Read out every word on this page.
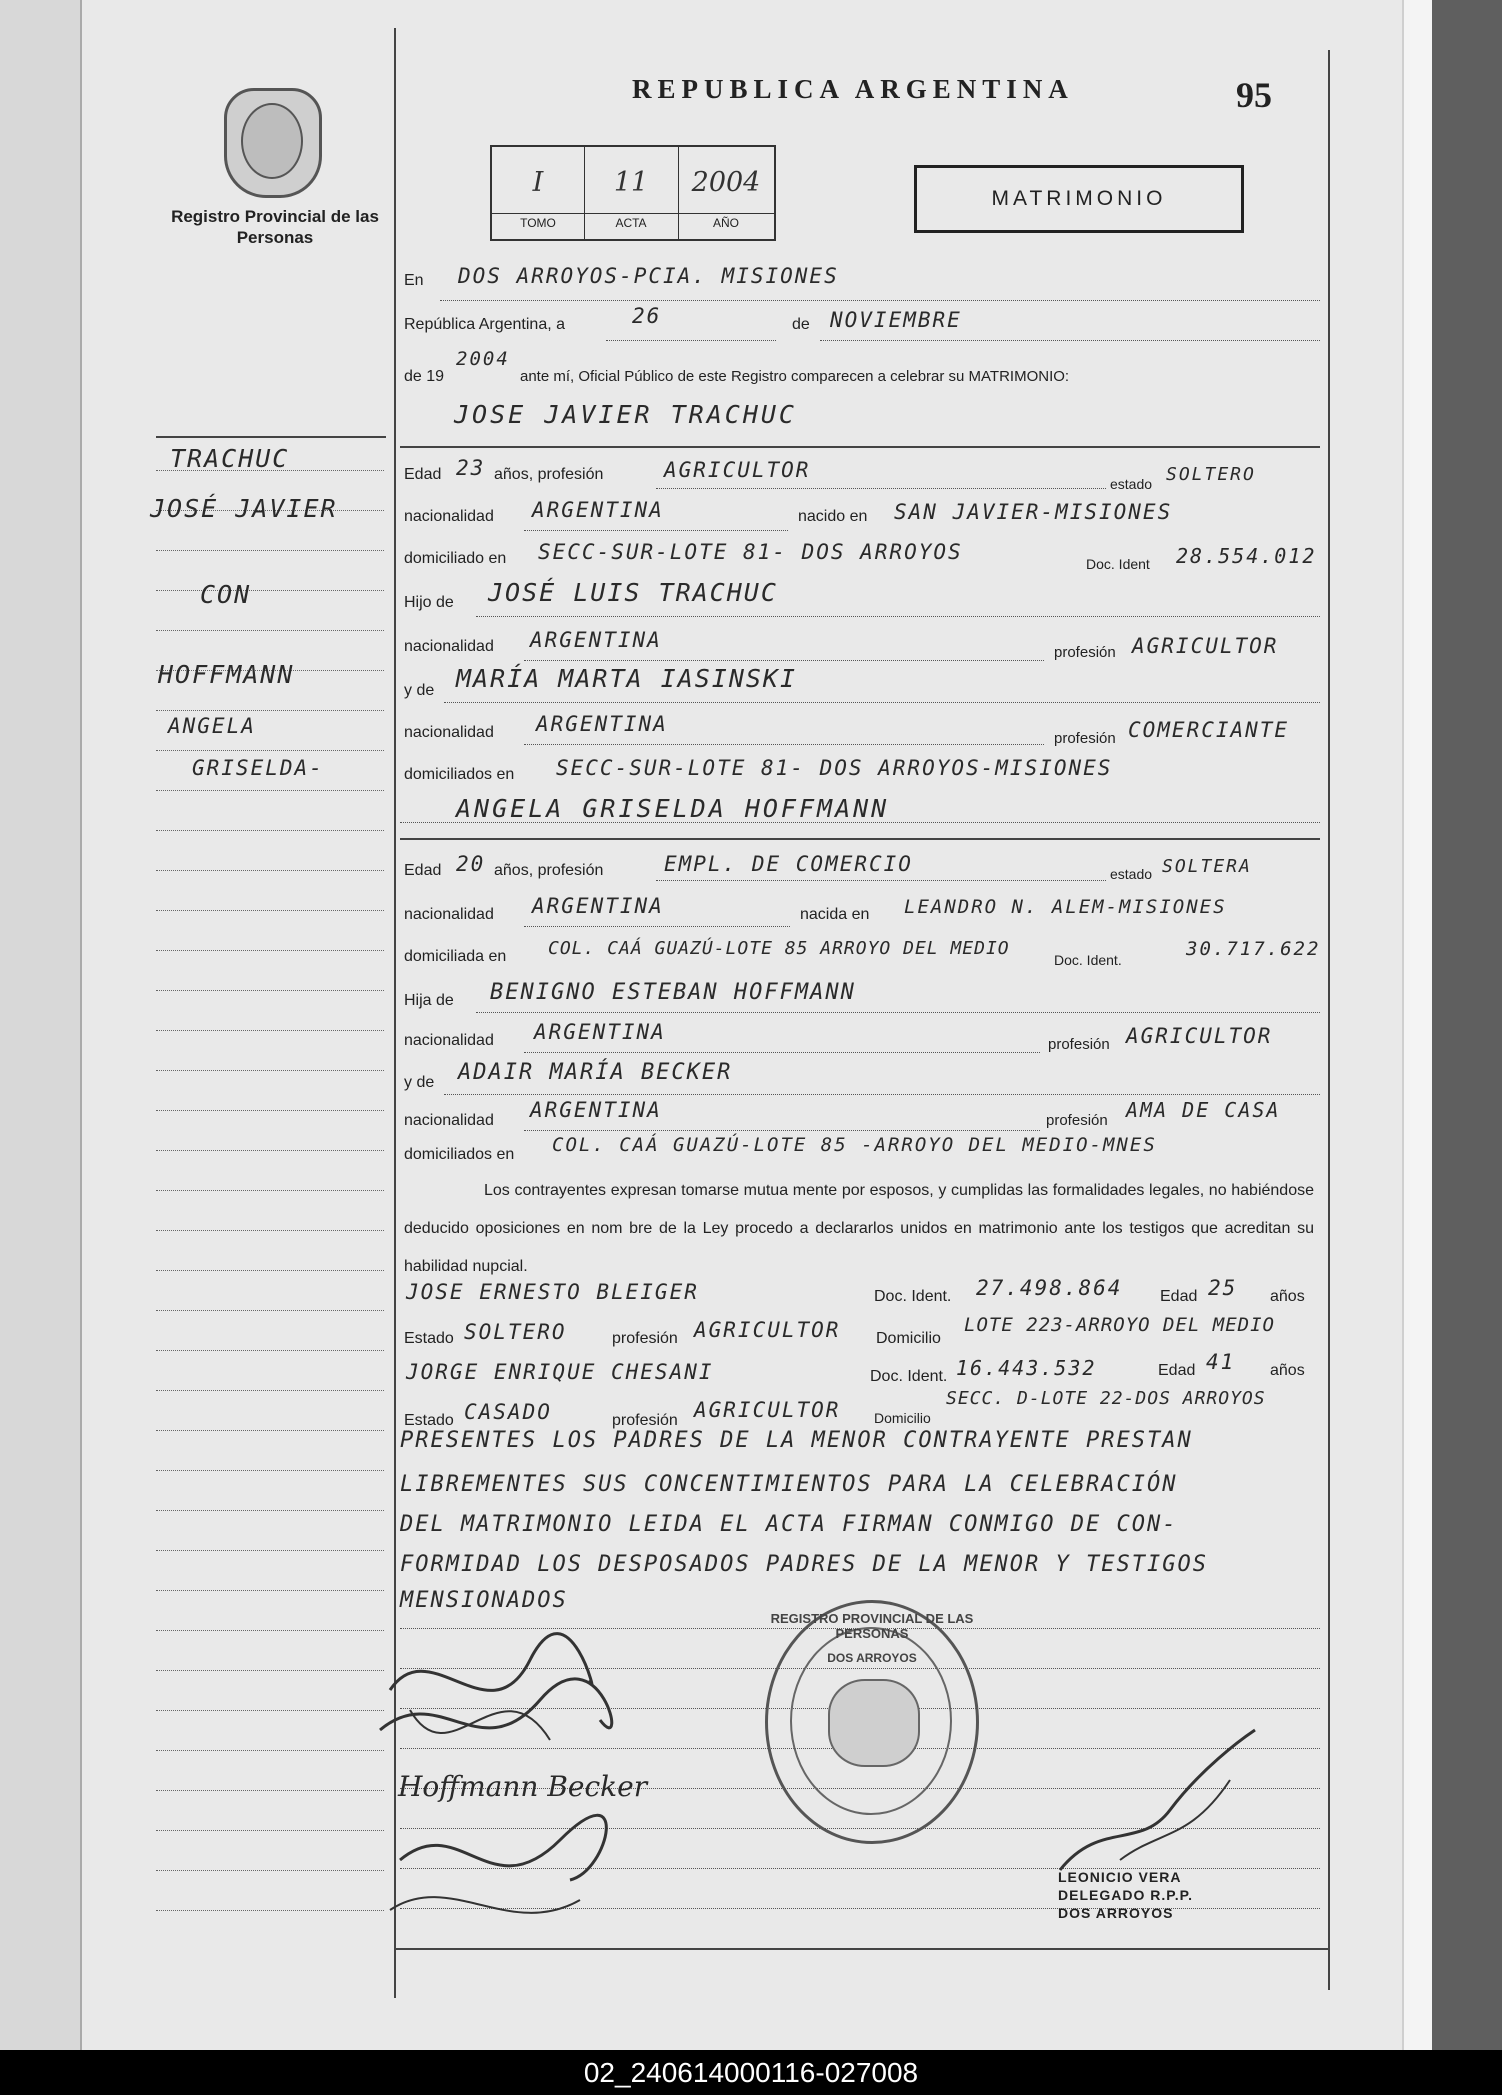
Registro Provincial de las Personas
REPUBLICA ARGENTINA	95
I
TOMO
11
ACTA
2004
AÑO
MATRIMONIO
TRACHUC
JOSÉ JAVIER
CON
HOFFMANN
ANGELA
GRISELDA-
En DOS ARROYOS-PCIA. MISIONES
República Argentina, a	26	de NOVIEMBRE
de 19
2004
ante mí, Oficial Público de este Registro comparecen a celebrar su MATRIMONIO:
JOSE JAVIER TRACHUC
Edad 23 años, profesión	AGRICULTOR
estado SOLTERO
nacionalidad ARGENTINA	nacido en SAN JAVIER-MISIONES
domiciliado en SECC-SUR-LOTE 81- DOS ARROYOS	Doc. Ident 28.554.012
Hijo de JOSÉ LUIS TRACHUC
nacionalidad ARGENTINA
profesión AGRICULTOR
y de MARÍA MARTA IASINSKI
nacionalidad ARGENTINA
profesión COMERCIANTE
domiciliados en SECC-SUR-LOTE 81- DOS ARROYOS-MISIONES
ANGELA GRISELDA HOFFMANN
Edad 20 años, profesión	EMPL. DE COMERCIO	estado SOLTERA
nacionalidad ARGENTINA	nacida en LEANDRO N. ALEM-MISIONES
domiciliada en COL. CAÁ GUAZÚ-LOTE 85 ARROYO DEL MEDIO
Doc. Ident.	30.717.622
Hija de BENIGNO ESTEBAN HOFFMANN
nacionalidad ARGENTINA
profesión AGRICULTOR
y de ADAIR MARÍA BECKER
nacionalidad ARGENTINA	profesión AMA DE CASA
domiciliados en COL. CAÁ GUAZÚ-LOTE 85 -ARROYO DEL MEDIO-MNES
Los contrayentes expresan tomarse mutua mente por esposos, y cumplidas las formalidades legales, no habiéndose deducido oposiciones en nom bre de la Ley procedo a declararlos unidos en matrimonio ante los testigos que acreditan su habilidad nupcial.
JOSE ERNESTO BLEIGER	Doc. Ident. 27.498.864 Edad 25 años
Estado SOLTERO	profesión AGRICULTOR Domicilio
LOTE 223-ARROYO DEL MEDIO
JORGE ENRIQUE CHESANI	Doc. Ident. 16.443.532	Edad 41 años
Estado CASADO	profesión AGRICULTOR Domicilio
SECC. D-LOTE 22-DOS ARROYOS
PRESENTES LOS PADRES DE LA MENOR CONTRAYENTE PRESTAN
LIBREMENTES SUS CONCENTIMIENTOS PARA LA CELEBRACIÓN
DEL MATRIMONIO LEIDA EL ACTA FIRMAN CONMIGO DE CON-
FORMIDAD LOS DESPOSADOS PADRES DE LA MENOR Y TESTIGOS
MENSIONADOS
Hoffmann Becker
REGISTRO PROVINCIAL DE LAS PERSONAS
DOS ARROYOS
LEONICIO VERA
DELEGADO R.P.P.
DOS ARROYOS
02_240614000116-027008
